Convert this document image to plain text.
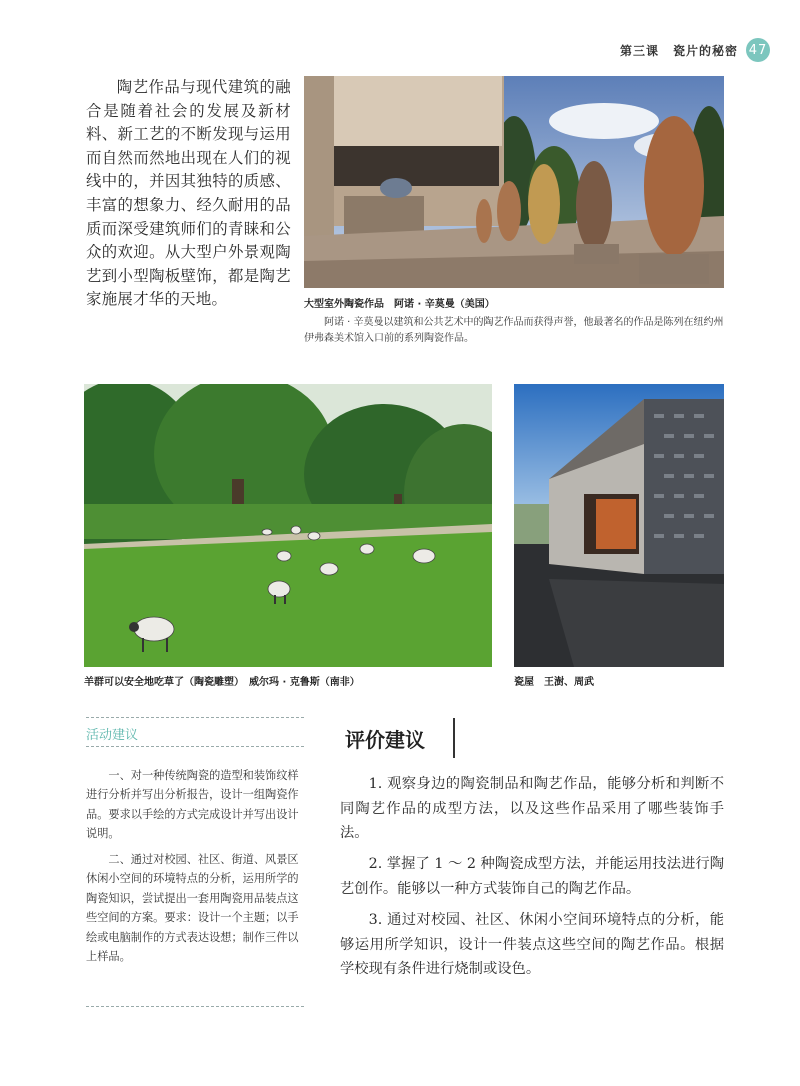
第三课 瓷片的秘密 47
陶艺作品与现代建筑的融合是随着社会的发展及新材料、新工艺的不断发现与运用而自然而然地出现在人们的视线中的，并因其独特的质感、丰富的想象力、经久耐用的品质而深受建筑师们的青睐和公众的欢迎。从大型户外景观陶艺到小型陶板壁饰，都是陶艺家施展才华的天地。	大型室外陶瓷作品　阿诺 · 辛莫曼（美国）
阿诺 · 辛莫曼以建筑和公共艺术中的陶艺作品而获得声誉，他最著名的作品是陈列在纽约州伊弗森美术馆入口前的系列陶瓷作品。
羊群可以安全地吃草了（陶瓷雕塑）　威尔玛 · 克鲁斯（南非）	瓷屋　王澍、周武
活动建议
一、对一种传统陶瓷的造型和装饰纹样进行分析并写出分析报告，设计一组陶瓷作品。要求以手绘的方式完成设计并写出设计说明。
二、通过对校园、社区、街道、风景区休闲小空间的环境特点的分析，运用所学的陶瓷知识，尝试提出一套用陶瓷用品装点这些空间的方案。要求：设计一个主题；以手绘或电脑制作的方式表达设想；制作三件以上样品。
评价建议
1. 观察身边的陶瓷制品和陶艺作品，能够分析和判断不同陶艺作品的成型方法，以及这些作品采用了哪些装饰手法。
2. 掌握了 1 ～ 2 种陶瓷成型方法，并能运用技法进行陶艺创作。能够以一种方式装饰自己的陶艺作品。
3. 通过对校园、社区、休闲小空间环境特点的分析，能够运用所学知识，设计一件装点这些空间的陶艺作品。根据学校现有条件进行烧制或设色。
